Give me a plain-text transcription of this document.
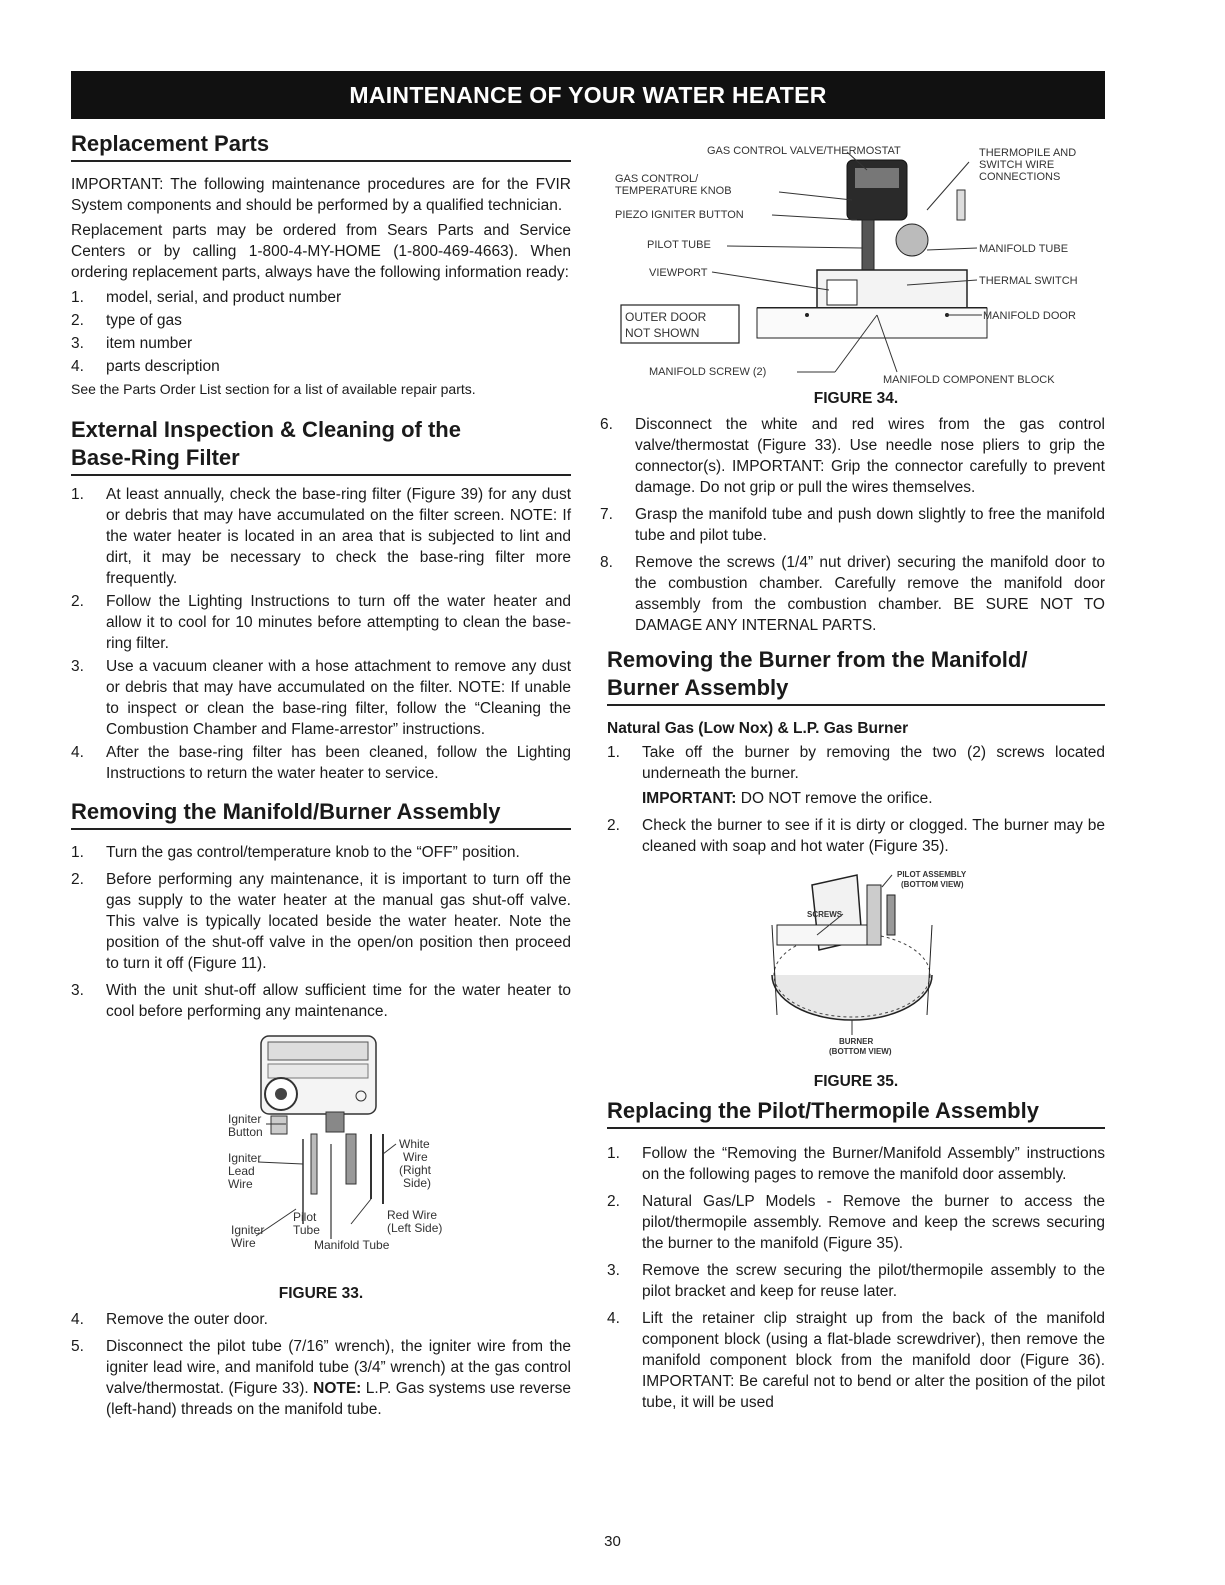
MAINTENANCE OF YOUR WATER HEATER
Replacement Parts

IMPORTANT: The following maintenance procedures are for the FVIR System components and should be performed by a qualified technician.

Replacement parts may be ordered from Sears Parts and Service Centers or by calling 1-800-4-MY-HOME (1-800-469-4663). When ordering replacement parts, always have the following information ready:

1. model, serial, and product number
2. type of gas
3. item number
4. parts description

See the Parts Order List section for a list of available repair parts.

External Inspection & Cleaning of the
Base-Ring Filter
1. At least annually, check the base-ring filter (Figure 39) for any dust or debris that may have accumulated on the filter screen. NOTE: If the water heater is located in an area that is subjected to lint and dirt, it may be necessary to check the base-ring filter more frequently.
2. Follow the Lighting Instructions to turn off the water heater and allow it to cool for 10 minutes before attempting to clean the base-ring filter.
3. Use a vacuum cleaner with a hose attachment to remove any dust or debris that may have accumulated on the filter. NOTE: If unable to inspect or clean the base-ring filter, follow the “Cleaning the Combustion Chamber and Flame-arrestor” instructions.
4. After the base-ring filter has been cleaned, follow the Lighting Instructions to return the water heater to service.
Removing the Manifold/Burner Assembly
1. Turn the gas control/temperature knob to the “OFF” position.
2. Before performing any maintenance, it is important to turn off the gas supply to the water heater at the manual gas shut-off valve. This valve is typically located beside the water heater. Note the position of the shut-off valve in the open/on position then proceed to turn it off (Figure 11).
3. With the unit shut-off allow sufficient time for the water heater to cool before performing any maintenance.
Igniter
Button
Igniter
Lead
Wire
Igniter
Wire
Pilot
Tube
White
Wire
(Right
Side)
Red Wire
(Left Side)
Manifold Tube
FIGURE 33.
4. Remove the outer door.
5. Disconnect the pilot tube (7/16” wrench), the igniter wire from the igniter lead wire, and manifold tube (3/4” wrench) at the gas control valve/thermostat. (Figure 33). NOTE: L.P. Gas systems use reverse (left-hand) threads on the manifold tube.
GAS CONTROL VALVE/THERMOSTAT	THERMOPILE AND
SWITCH WIRE
CONNECTIONS
GAS CONTROL/
TEMPERATURE KNOB
PIEZO IGNITER BUTTON
PILOT TUBE	MANIFOLD TUBE
VIEWPORT
THERMAL SWITCH
OUTER DOOR
NOT SHOWN
MANIFOLD DOOR
MANIFOLD SCREW (2)
MANIFOLD COMPONENT BLOCK
FIGURE 34.
6. Disconnect the white and red wires from the gas control valve/thermostat (Figure 33). Use needle nose pliers to grip the connector(s). IMPORTANT: Grip the connector carefully to prevent damage. Do not grip or pull the wires themselves.
7. Grasp the manifold tube and push down slightly to free the manifold tube and pilot tube.
8. Remove the screws (1/4” nut driver) securing the manifold door to the combustion chamber. Carefully remove the manifold door assembly from the combustion chamber. BE SURE NOT TO DAMAGE ANY INTERNAL PARTS.
Removing the Burner from the Manifold/
Burner Assembly
Natural Gas (Low Nox) & L.P. Gas Burner
1. Take off the burner by removing the two (2) screws located underneath the burner.

IMPORTANT: DO NOT remove the orifice.

2. Check the burner to see if it is dirty or clogged. The burner may be cleaned with soap and hot water (Figure 35).
PILOT ASSEMBLY
(BOTTOM VIEW)
SCREWS
BURNER
(BOTTOM VIEW)
FIGURE 35.
Replacing the Pilot/Thermopile Assembly
1. Follow the “Removing the Burner/Manifold Assembly” instructions on the following pages to remove the manifold door assembly.
2. Natural Gas/LP Models - Remove the burner to access the pilot/thermopile assembly. Remove and keep the screws securing the burner to the manifold (Figure 35).
3. Remove the screw securing the pilot/thermopile assembly to the pilot bracket and keep for reuse later.
4. Lift the retainer clip straight up from the back of the manifold component block (using a flat-blade screwdriver), then remove the manifold component block from the manifold door (Figure 36). IMPORTANT: Be careful not to bend or alter the position of the pilot tube, it will be used
30
